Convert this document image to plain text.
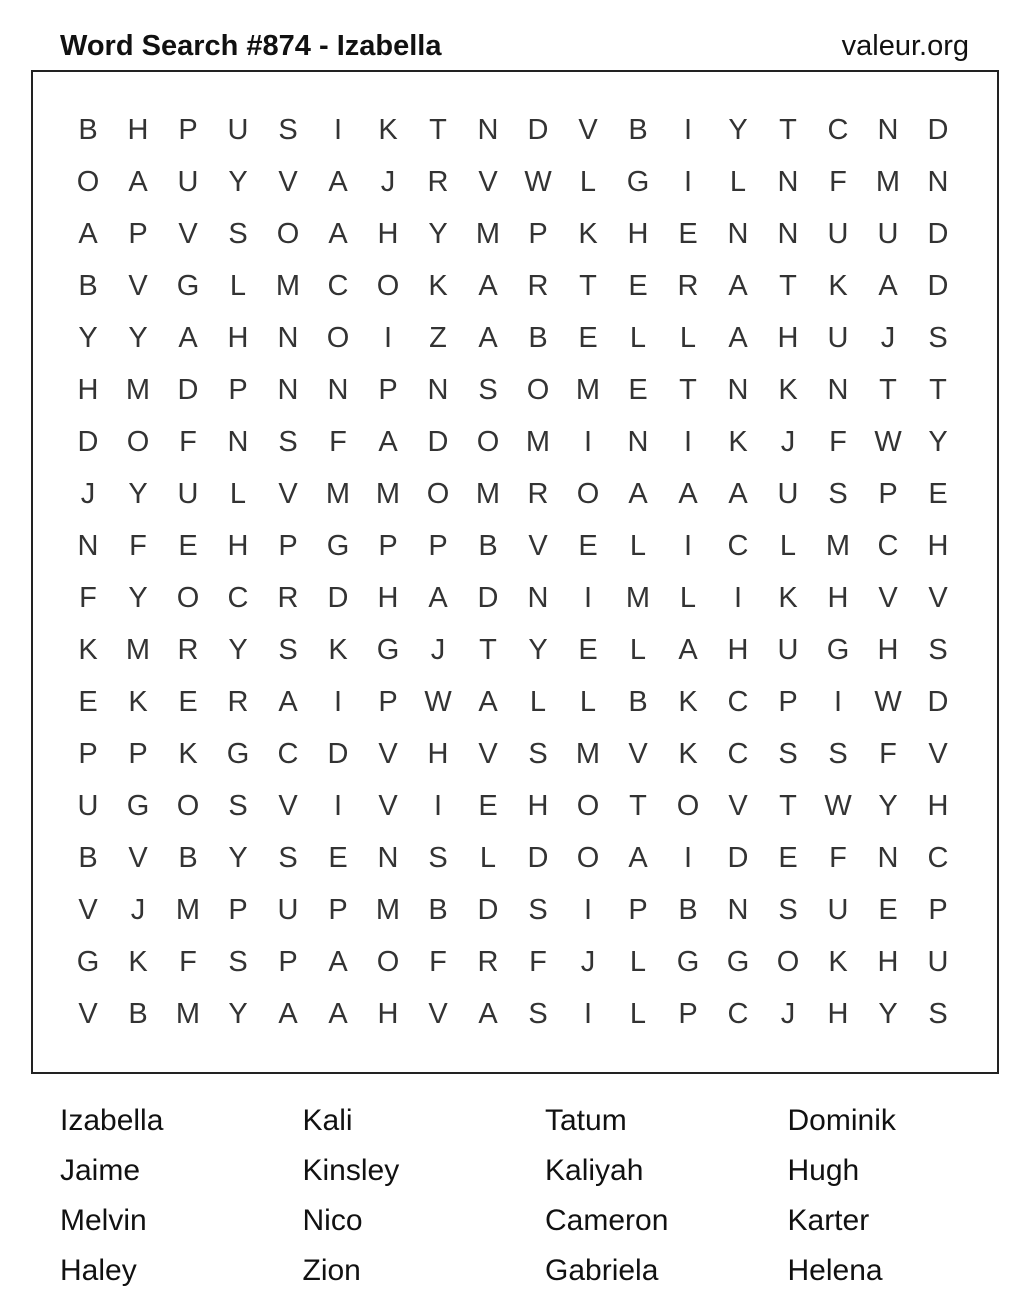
Word Search #874 - Izabella	valeur.org
B	H	P	U	S	I	K	T	N	D	V	B	I	Y	T	C	N	D
O	A	U	Y	V	A	J	R	V W L	G	I	L	N	F	M N
A	P	V	S	O	A	H	Y M P	K	H	E	N	N	U	U	D
B	V	G	L	M C O	K	A	R	T	E	R	A	T	K	A	D
Y	Y	A	H	N O	I	Z	A	B	E	L	L	A	H	U	J	S
H M D	P	N	N	P	N	S	O M E	T	N	K	N	T	T
D O	F	N	S	F	A	D O M	I	N	I	K	J	F W Y
J	Y	U	L	V M M O M R O	A	A	A	U	S	P	E
N	F	E	H	P	G	P	P	B	V	E	L	I	C	L	M C	H
F	Y	O C	R	D	H	A	D	N	I	M	L	I	K	H	V	V
K M R	Y	S	K	G	J	T	Y	E	L	A	H	U G H	S
E	K	E	R	A	I	P W A	L	L	B	K	C	P	I	W D
P	P	K	G C	D	V	H	V	S M V	K	C	S	S	F	V
U G O	S	V	I	V	I	E	H O	T	O	V	T W Y	H
B	V	B	Y	S	E	N	S	L	D O	A	I	D	E	F	N	C
V	J	M P	U	P M B	D	S	I	P	B	N	S	U	E	P
G	K	F	S	P	A	O	F	R	F	J	L	G G O	K	H	U
V	B M Y	A	A	H	V	A	S	I	L	P	C	J	H	Y	S
Izabella
Jaime
Melvin
Haley
Kali
Kinsley
Nico
Zion
Tatum
Kaliyah
Cameron
Gabriela
Dominik
Hugh
Karter
Helena
